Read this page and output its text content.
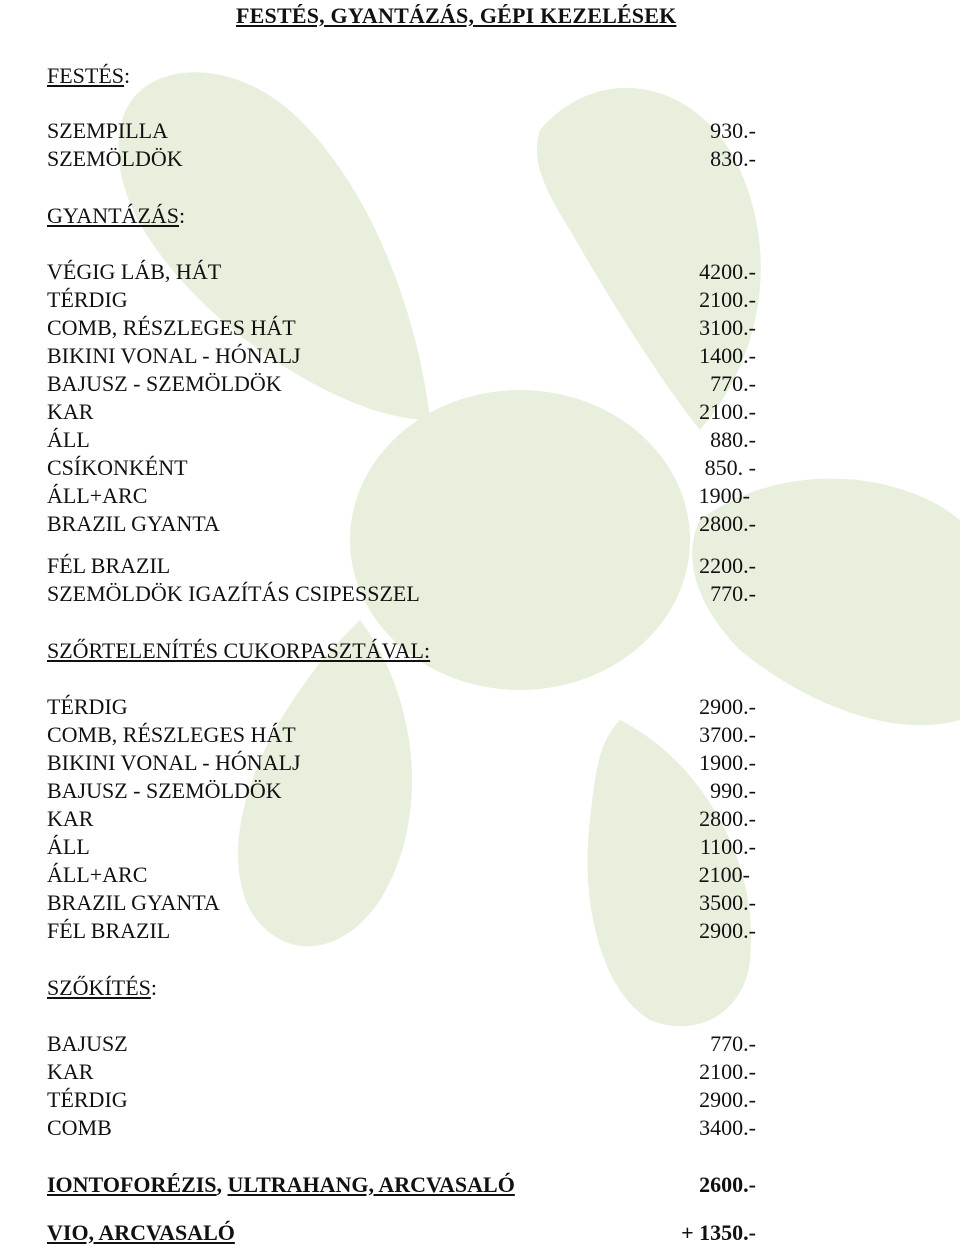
FESTÉS, GYANTÁZÁS, GÉPI KEZELÉSEK
FESTÉS:
SZEMPILLA	930.-
SZEMÖLDÖK	830.-
GYANTÁZÁS:
VÉGIG LÁB, HÁT	4200.-
TÉRDIG	2100.-
COMB, RÉSZLEGES HÁT	3100.-
BIKINI VONAL - HÓNALJ	1400.-
BAJUSZ - SZEMÖLDÖK	770.-
KAR	2100.-
ÁLL	880.-
CSÍKONKÉNT	850. -
ÁLL+ARC	1900-
BRAZIL GYANTA	2800.-
FÉL BRAZIL	2200.-
SZEMÖLDÖK IGAZÍTÁS CSIPESSZEL	770.-
SZŐRTELENÍTÉS CUKORPASZTÁVAL:
TÉRDIG	2900.-
COMB, RÉSZLEGES HÁT	3700.-
BIKINI VONAL - HÓNALJ	1900.-
BAJUSZ - SZEMÖLDÖK	990.-
KAR	2800.-
ÁLL	1100.-
ÁLL+ARC	2100-
BRAZIL GYANTA	3500.-
FÉL BRAZIL	2900.-
SZŐKÍTÉS:
BAJUSZ	770.-
KAR	2100.-
TÉRDIG	2900.-
COMB	3400.-
IONTOFORÉZIS, ULTRAHANG, ARCVASALÓ	2600.-
VIO, ARCVASALÓ	+ 1350.-
